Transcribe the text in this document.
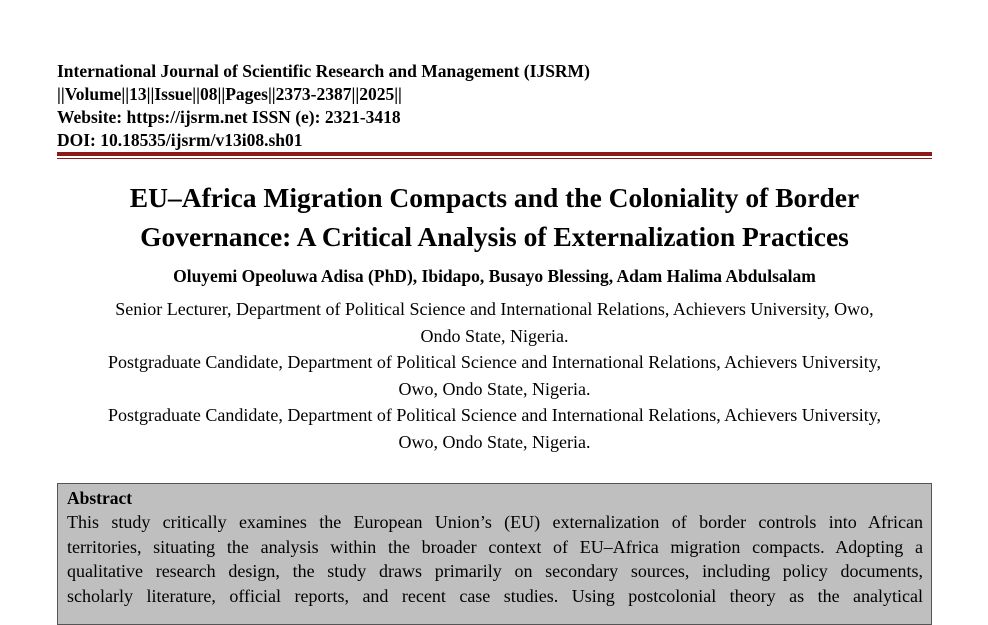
International Journal of Scientific Research and Management (IJSRM)
||Volume||13||Issue||08||Pages||2373-2387||2025||
Website: https://ijsrm.net ISSN (e): 2321-3418
DOI: 10.18535/ijsrm/v13i08.sh01
EU–Africa Migration Compacts and the Coloniality of Border
Governance: A Critical Analysis of Externalization Practices
Oluyemi Opeoluwa Adisa (PhD), Ibidapo, Busayo Blessing, Adam Halima Abdulsalam
Senior Lecturer, Department of Political Science and International Relations, Achievers University, Owo,
Ondo State, Nigeria.
Postgraduate Candidate, Department of Political Science and International Relations, Achievers University,
Owo, Ondo State, Nigeria.
Postgraduate Candidate, Department of Political Science and International Relations, Achievers University,
Owo, Ondo State, Nigeria.
Abstract
This study critically examines the European Union’s (EU) externalization of border controls into African
territories, situating the analysis within the broader context of EU–Africa migration compacts. Adopting a
qualitative research design, the study draws primarily on secondary sources, including policy documents,
scholarly literature, official reports, and recent case studies. Using postcolonial theory as the analytical
